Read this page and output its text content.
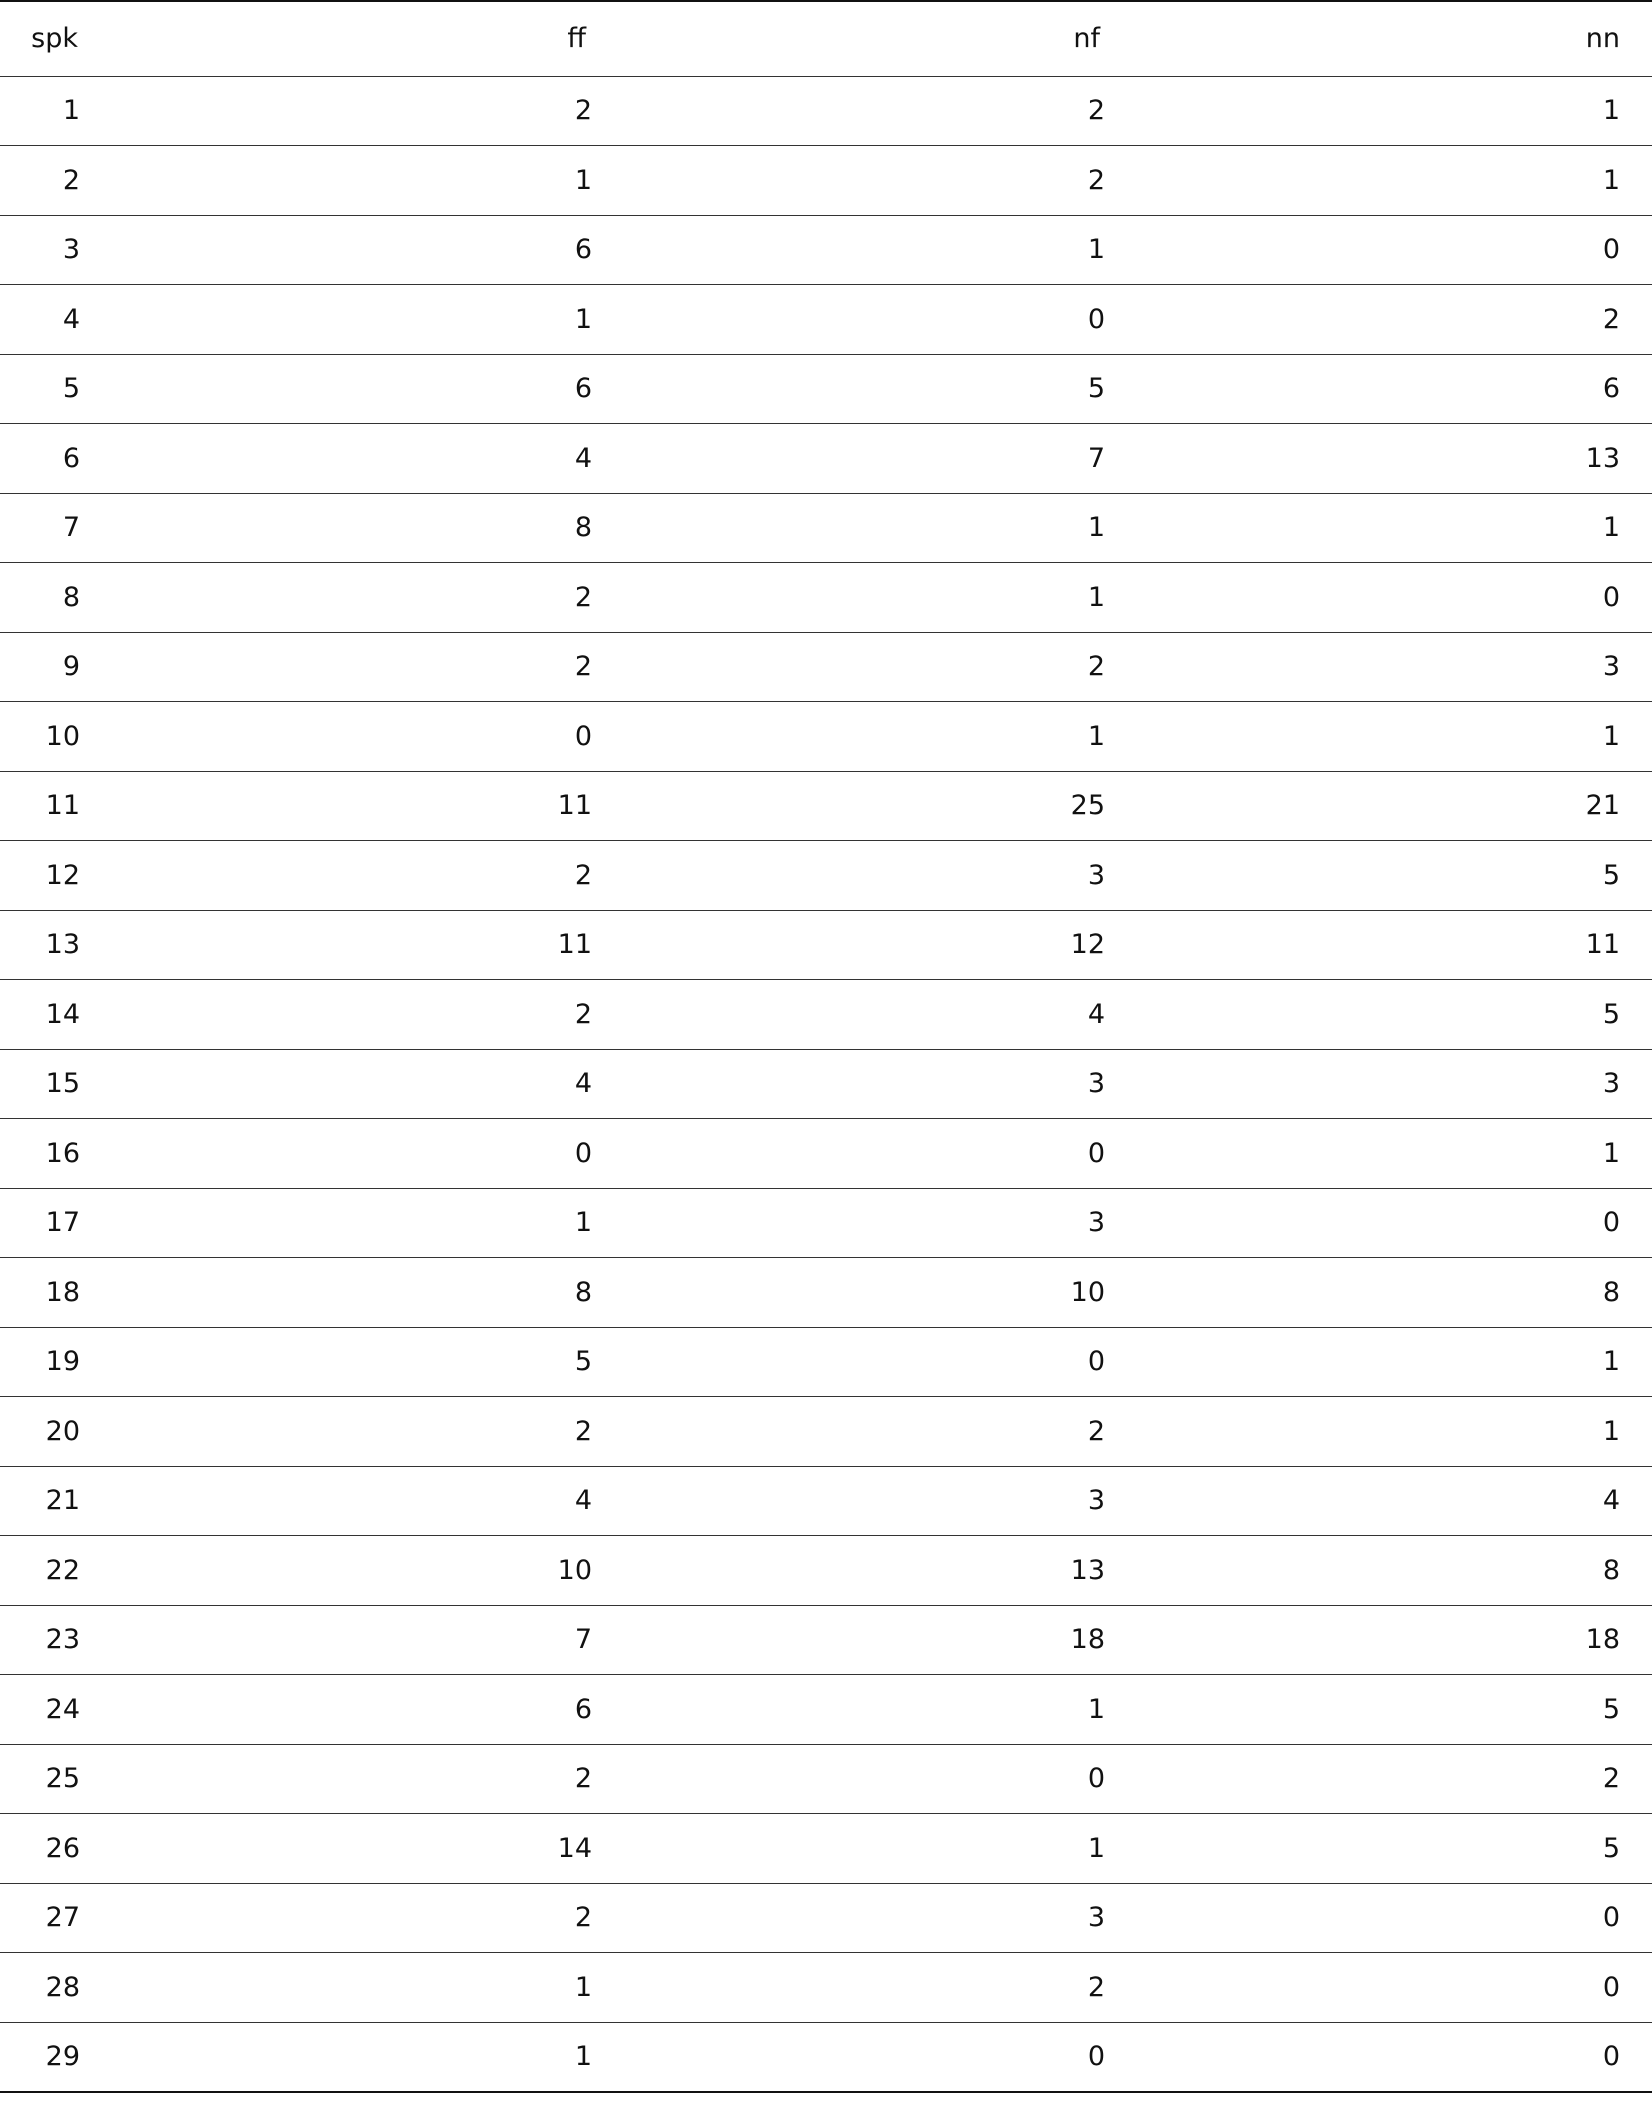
spk	ff	nf	nn
1	2	2	1
2	1	2	1
3	6	1	0
4	1	0	2
5	6	5	6
6	4	7	13
7	8	1	1
8	2	1	0
9	2	2	3
10	0	1	1
11	11	25	21
12	2	3	5
13	11	12	11
14	2	4	5
15	4	3	3
16	0	0	1
17	1	3	0
18	8	10	8
19	5	0	1
20	2	2	1
21	4	3	4
22	10	13	8
23	7	18	18
24	6	1	5
25	2	0	2
26	14	1	5
27	2	3	0
28	1	2	0
29	1	0	0
